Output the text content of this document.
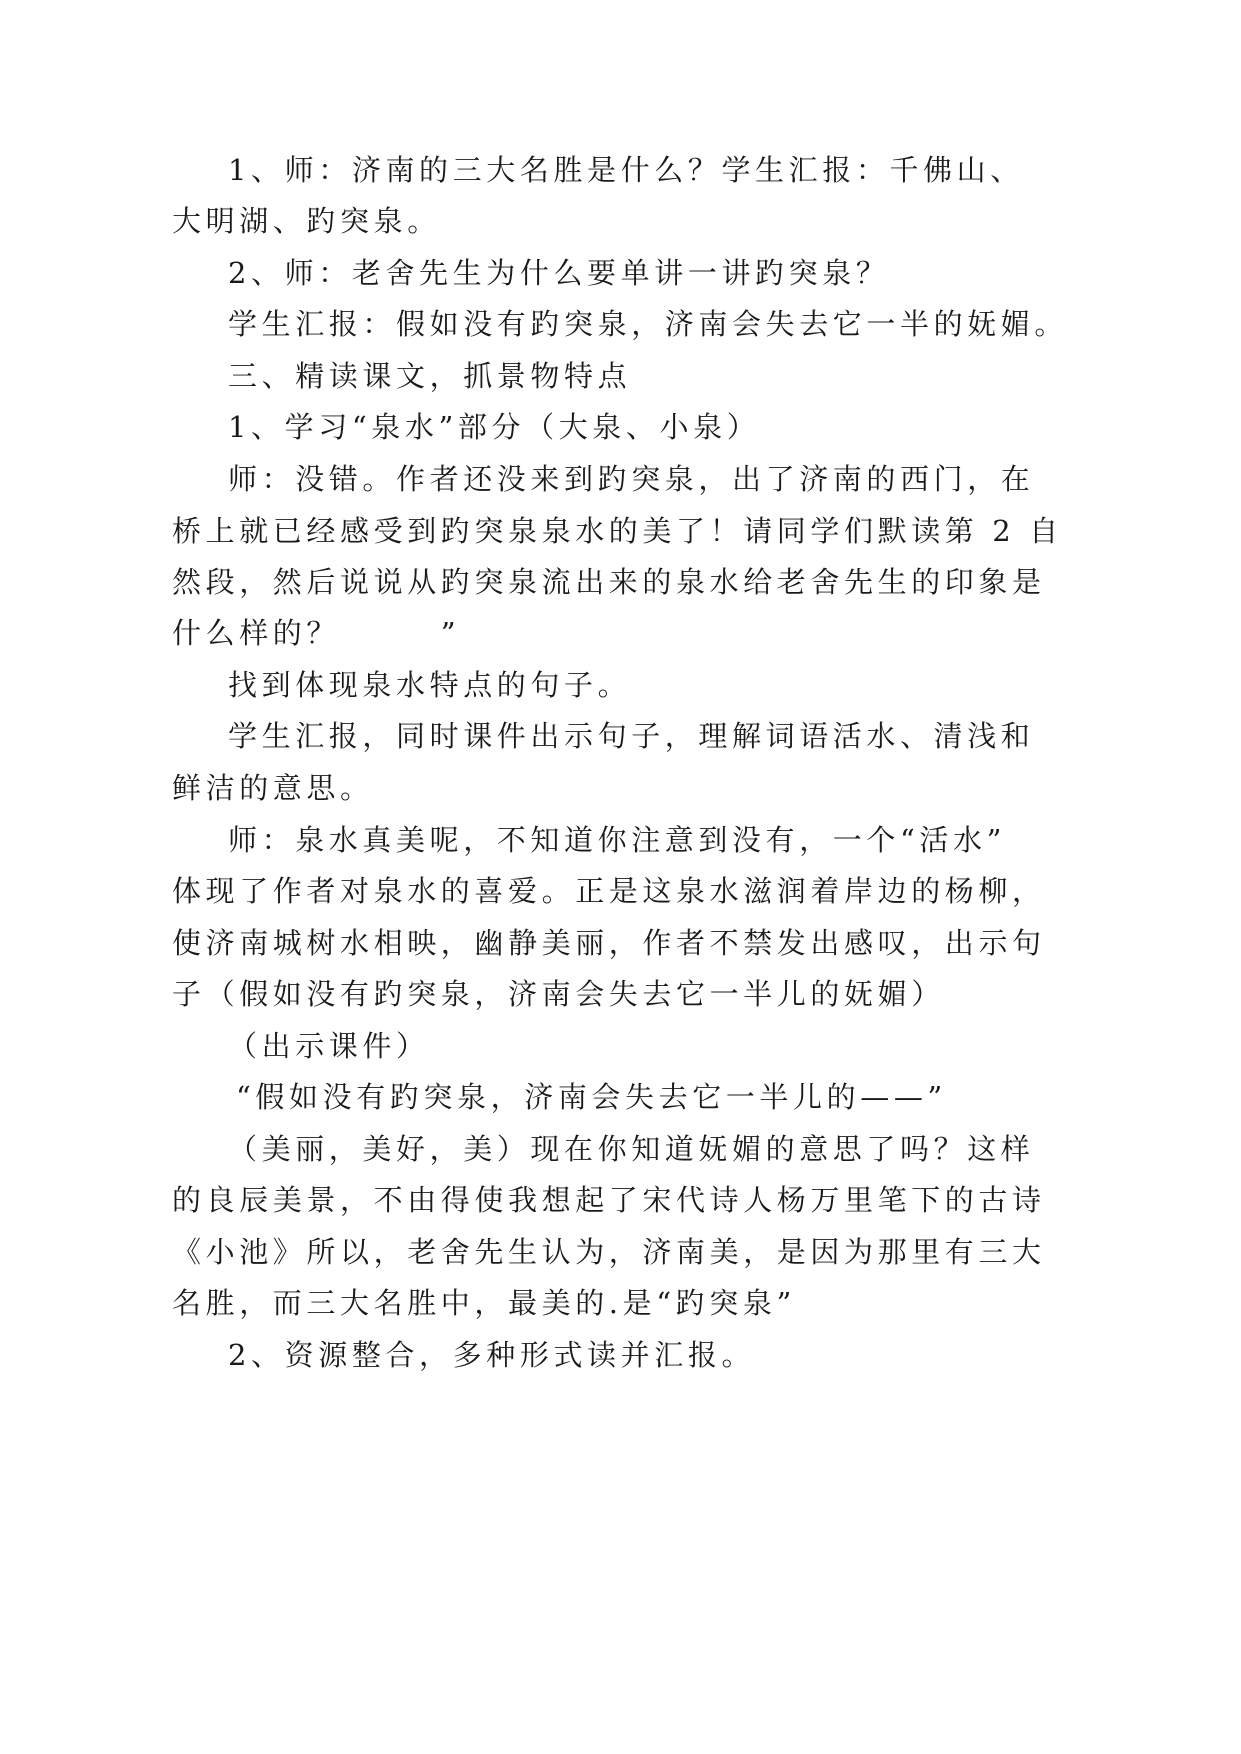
1、师：济南的三大名胜是什么？学生汇报：千佛山、
大明湖、趵突泉。
2、师：老舍先生为什么要单讲一讲趵突泉？
学生汇报：假如没有趵突泉，济南会失去它一半的妩媚。
三、精读课文，抓景物特点
1、学习“泉水”部分（大泉、小泉）
师：没错。作者还没来到趵突泉，出了济南的西门，在
桥上就已经感受到趵突泉泉水的美了！请同学们默读第 2 自
然段，然后说说从趵突泉流出来的泉水给老舍先生的印象是
什么样的？　　　”
找到体现泉水特点的句子。
学生汇报，同时课件出示句子，理解词语活水、清浅和
鲜洁的意思。
师：泉水真美呢，不知道你注意到没有，一个“活水”
体现了作者对泉水的喜爱。正是这泉水滋润着岸边的杨柳，
使济南城树水相映，幽静美丽，作者不禁发出感叹，出示句
子（假如没有趵突泉，济南会失去它一半儿的妩媚）
（出示课件）
“假如没有趵突泉，济南会失去它一半儿的——”
（美丽，美好，美）现在你知道妩媚的意思了吗？这样
的良辰美景，不由得使我想起了宋代诗人杨万里笔下的古诗
《小池》所以，老舍先生认为，济南美，是因为那里有三大
名胜，而三大名胜中，最美的.是“趵突泉”
2、资源整合，多种形式读并汇报。
